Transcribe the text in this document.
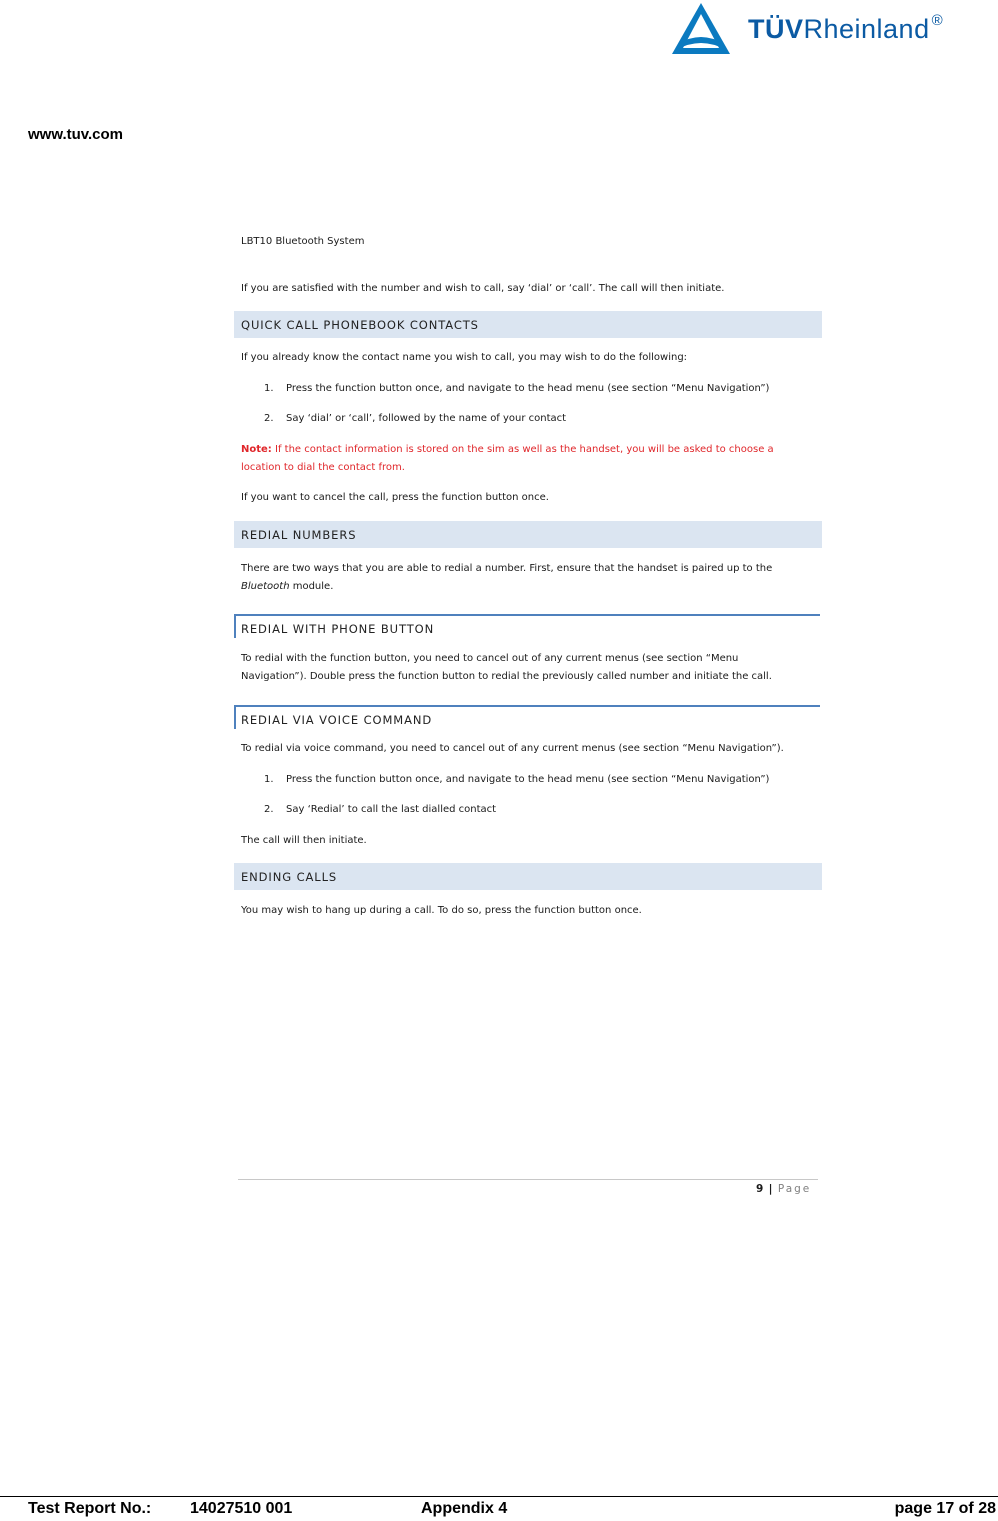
TÜVRheinland ®
www.tuv.com
LBT10 Bluetooth System
If you are satisfied with the number and wish to call, say ‘dial’ or ‘call’. The call will then initiate.
QUICK CALL PHONEBOOK CONTACTS
If you already know the contact name you wish to call, you may wish to do the following:
1. Press the function button once, and navigate to the head menu (see section “Menu Navigation”)
2. Say ‘dial’ or ‘call’, followed by the name of your contact
Note: If the contact information is stored on the sim as well as the handset, you will be asked to choose a
location to dial the contact from.
If you want to cancel the call, press the function button once.
REDIAL NUMBERS
There are two ways that you are able to redial a number. First, ensure that the handset is paired up to the
Bluetooth module.
REDIAL WITH PHONE BUTTON
To redial with the function button, you need to cancel out of any current menus (see section “Menu
Navigation”). Double press the function button to redial the previously called number and initiate the call.
REDIAL VIA VOICE COMMAND
To redial via voice command, you need to cancel out of any current menus (see section “Menu Navigation”).
1. Press the function button once, and navigate to the head menu (see section “Menu Navigation”)
2. Say ‘Redial’ to call the last dialled contact
The call will then initiate.
ENDING CALLS
You may wish to hang up during a call. To do so, press the function button once.
9 | Page
Test Report No.: 14027510 001	Appendix 4	page 17 of 28
